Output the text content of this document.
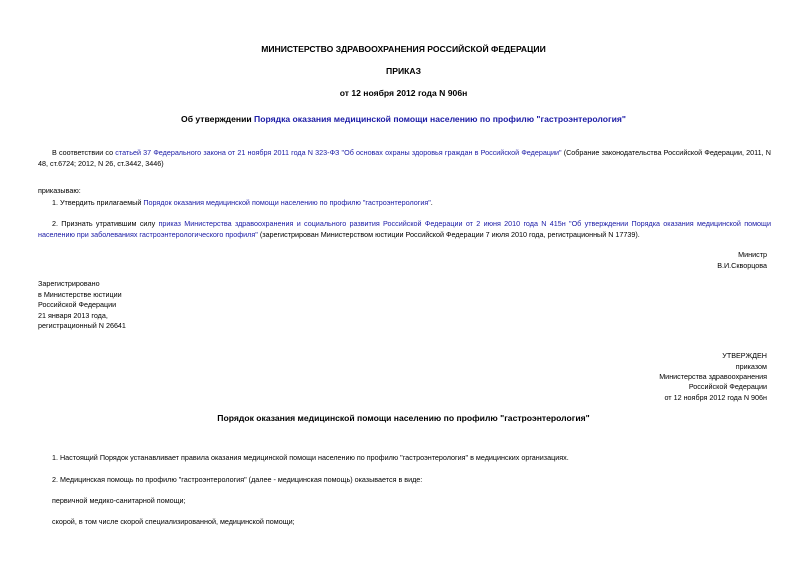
МИНИСТЕРСТВО ЗДРАВООХРАНЕНИЯ РОССИЙСКОЙ ФЕДЕРАЦИИ
ПРИКАЗ
от 12 ноября 2012 года N 906н
Об утверждении Порядка оказания медицинской помощи населению по профилю "гастроэнтерология"
В соответствии со статьей 37 Федерального закона от 21 ноября 2011 года N 323-ФЗ "Об основах охраны здоровья граждан в Российской Федерации" (Собрание законодательства Российской Федерации, 2011, N 48, ст.6724; 2012, N 26, ст.3442, 3446)
приказываю:
1. Утвердить прилагаемый Порядок оказания медицинской помощи населению по профилю "гастроэнтерология".
2. Признать утратившим силу приказ Министерства здравоохранения и социального развития Российской Федерации от 2 июня 2010 года N 415н "Об утверждении Порядка оказания медицинской помощи населению при заболеваниях гастроэнтерологического профиля" (зарегистрирован Министерством юстиции Российской Федерации 7 июля 2010 года, регистрационный N 17739).
Министр
В.И.Скворцова
Зарегистрировано
в Министерстве юстиции
Российской Федерации
21 января 2013 года,
регистрационный N 26641
УТВЕРЖДЕН
приказом
Министерства здравоохранения
Российской Федерации
от 12 ноября 2012 года N 906н
Порядок оказания медицинской помощи населению по профилю "гастроэнтерология"
1. Настоящий Порядок устанавливает правила оказания медицинской помощи населению по профилю "гастроэнтерология" в медицинских организациях.
2. Медицинская помощь по профилю "гастроэнтерология" (далее - медицинская помощь) оказывается в виде:
первичной медико-санитарной помощи;
скорой, в том числе скорой специализированной, медицинской помощи;
